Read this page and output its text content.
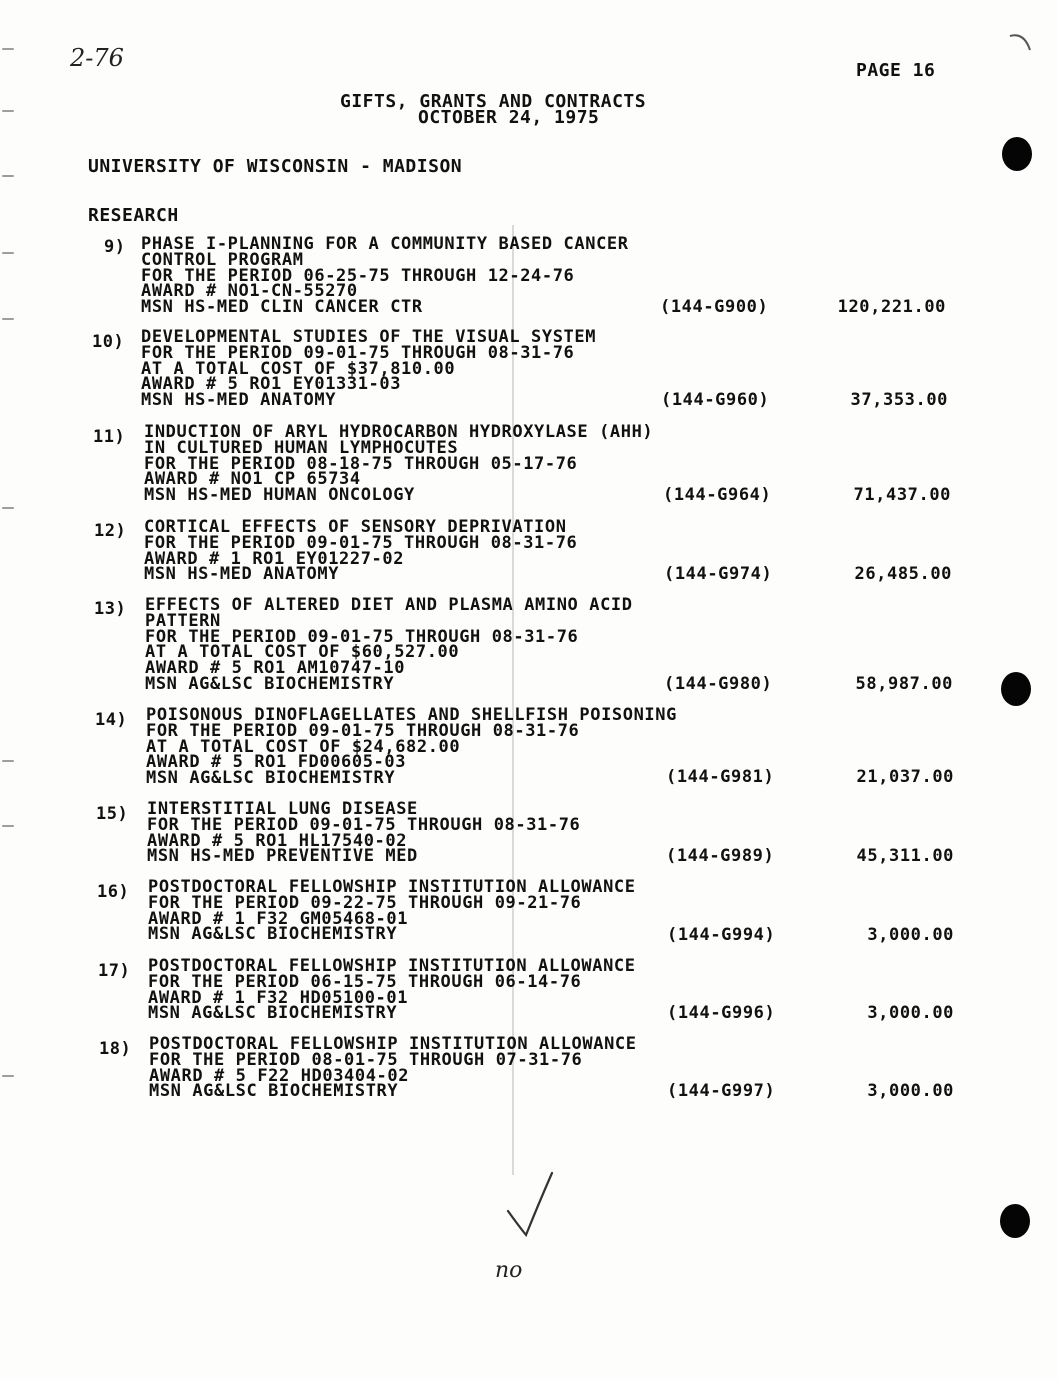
2-76	PAGE 16
GIFTS, GRANTS AND CONTRACTS
OCTOBER 24, 1975
UNIVERSITY OF WISCONSIN - MADISON
RESEARCH
9) PHASE I-PLANNING FOR A COMMUNITY BASED CANCER
CONTROL PROGRAM
FOR THE PERIOD 06-25-75 THROUGH 12-24-76
AWARD # NO1-CN-55270
MSN HS-MED CLIN CANCER CTR	(144-G900)	120,221.00
10) DEVELOPMENTAL STUDIES OF THE VISUAL SYSTEM
FOR THE PERIOD 09-01-75 THROUGH 08-31-76
AT A TOTAL COST OF $37,810.00
AWARD # 5 RO1 EY01331-03
MSN HS-MED ANATOMY	(144-G960)	37,353.00
11) INDUCTION OF ARYL HYDROCARBON HYDROXYLASE (AHH)
IN CULTURED HUMAN LYMPHOCUTES
FOR THE PERIOD 08-18-75 THROUGH 05-17-76
AWARD # NO1 CP 65734
MSN HS-MED HUMAN ONCOLOGY	(144-G964)	71,437.00
12) CORTICAL EFFECTS OF SENSORY DEPRIVATION
FOR THE PERIOD 09-01-75 THROUGH 08-31-76
AWARD # 1 RO1 EY01227-02
MSN HS-MED ANATOMY	(144-G974)	26,485.00
13) EFFECTS OF ALTERED DIET AND PLASMA AMINO ACID
PATTERN
FOR THE PERIOD 09-01-75 THROUGH 08-31-76
AT A TOTAL COST OF $60,527.00
AWARD # 5 RO1 AM10747-10
MSN AG&LSC BIOCHEMISTRY	(144-G980)	58,987.00
14) POISONOUS DINOFLAGELLATES AND SHELLFISH POISONING
FOR THE PERIOD 09-01-75 THROUGH 08-31-76
AT A TOTAL COST OF $24,682.00
AWARD # 5 RO1 FD00605-03
MSN AG&LSC BIOCHEMISTRY	(144-G981)	21,037.00
15) INTERSTITIAL LUNG DISEASE
FOR THE PERIOD 09-01-75 THROUGH 08-31-76
AWARD # 5 RO1 HL17540-02
MSN HS-MED PREVENTIVE MED	(144-G989)	45,311.00
16) POSTDOCTORAL FELLOWSHIP INSTITUTION ALLOWANCE
FOR THE PERIOD 09-22-75 THROUGH 09-21-76
AWARD # 1 F32 GM05468-01
MSN AG&LSC BIOCHEMISTRY	(144-G994)	3,000.00
17) POSTDOCTORAL FELLOWSHIP INSTITUTION ALLOWANCE
FOR THE PERIOD 06-15-75 THROUGH 06-14-76
AWARD # 1 F32 HD05100-01
MSN AG&LSC BIOCHEMISTRY	(144-G996)	3,000.00
18) POSTDOCTORAL FELLOWSHIP INSTITUTION ALLOWANCE
FOR THE PERIOD 08-01-75 THROUGH 07-31-76
AWARD # 5 F22 HD03404-02
MSN AG&LSC BIOCHEMISTRY	(144-G997)	3,000.00
no
